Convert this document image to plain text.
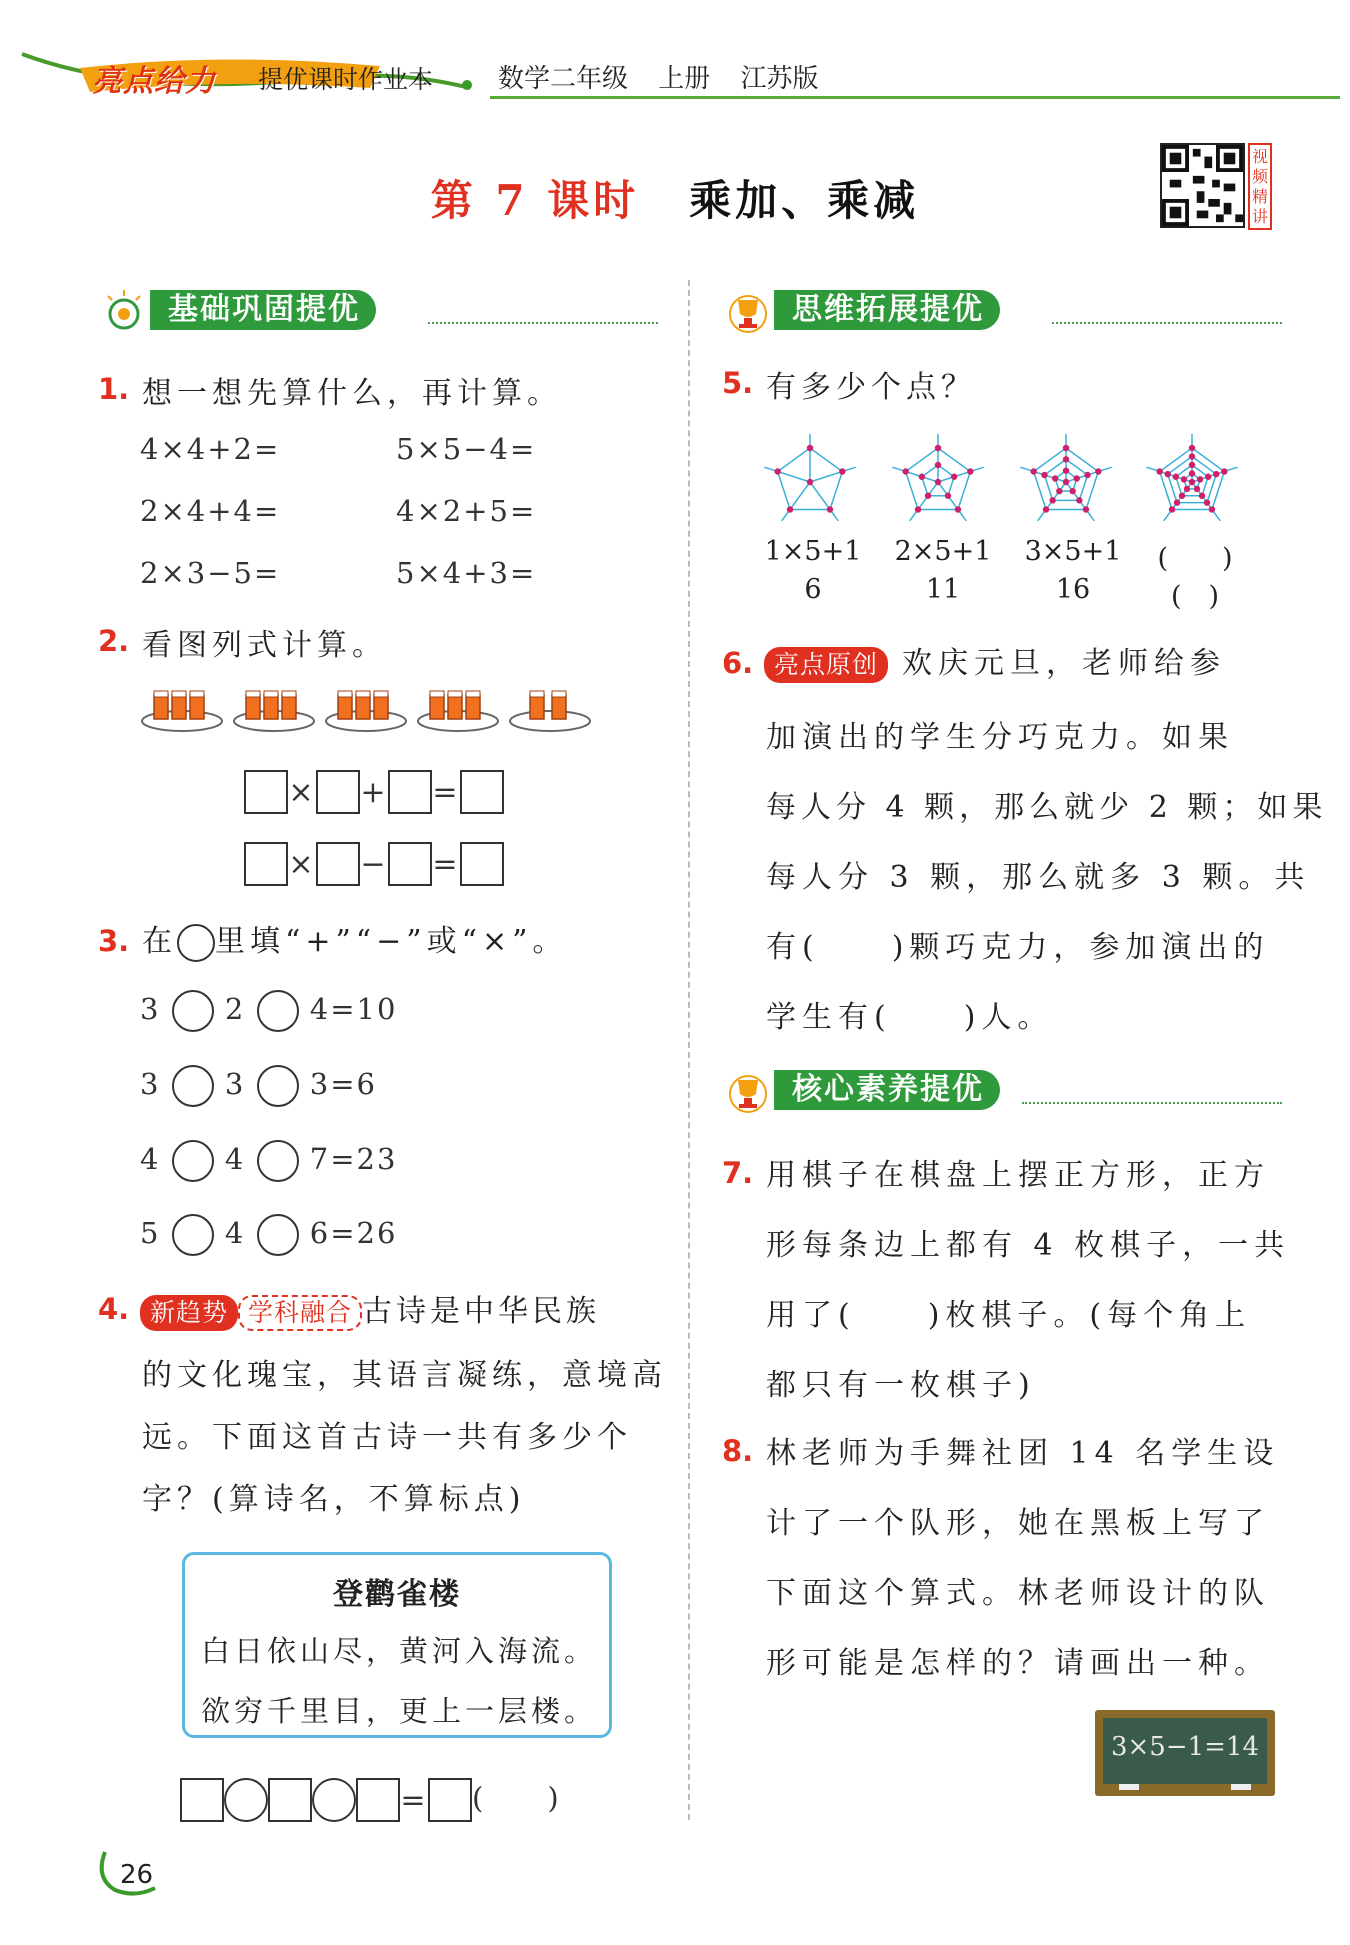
亮点给力 提优课时作业本 数学二年级 上册 江苏版
第 7 课时 乘加、乘减
视
频
精
讲
基础巩固提优
1. 想一想先算什么，再计算。
4×4+2=	5×5−4=
2×4+4=	4×2+5=
2×3−5=	5×4+3=
2. 看图列式计算。
× + =
× − =
3. 在 里填“+”“−”或“×”。
3 2 4=10
3 3 3=6
4 4 7=23
5 4 6=26
4. 新趋势 学科融合 古诗是中华民族
的文化瑰宝，其语言凝练，意境高
远。下面这首古诗一共有多少个
字？(算诗名，不算标点)
登鹳雀楼
白日依山尽，黄河入海流。
欲穷千里目，更上一层楼。
= (　　)
思维拓展提优
5. 有多少个点？
1×5+1 2×5+1 3×5+1	(　　)
6	11	16	(　)
6. 亮点原创 欢庆元旦，老师给参
加演出的学生分巧克力。如果
每人分 4 颗，那么就少 2 颗；如果
每人分 3 颗，那么就多 3 颗。共
有(　　)颗巧克力，参加演出的
学生有(　　)人。
核心素养提优
7. 用棋子在棋盘上摆正方形，正方
形每条边上都有 4 枚棋子，一共
用了(　　)枚棋子。(每个角上
都只有一枚棋子)
8. 林老师为手舞社团 14 名学生设
计了一个队形，她在黑板上写了
下面这个算式。林老师设计的队
形可能是怎样的？请画出一种。
3×5−1=14
26
